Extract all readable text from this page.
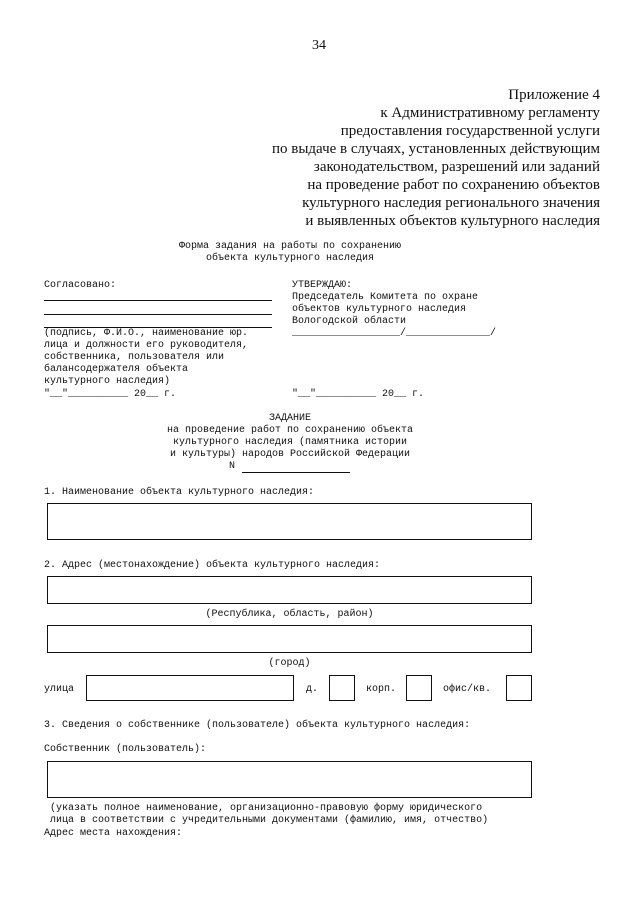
34
Приложение 4
к Административному регламенту
предоставления государственной услуги
по выдаче в случаях, установленных действующим
законодательством, разрешений или заданий
на проведение работ по сохранению объектов
культурного наследия регионального значения
и выявленных объектов культурного наследия
Форма задания на работы по сохранению
объекта культурного наследия
Согласовано:
(подпись, Ф.И.О., наименование юр.
лица и должности его руководителя,
собственника, пользователя или
балансодержателя объекта
культурного наследия)
"__"__________ 20__ г.
УТВЕРЖДАЮ:
Председатель Комитета по охране
объектов культурного наследия
Вологодской области
__________________/______________/
"__"__________ 20__ г.
ЗАДАНИЕ
на проведение работ по сохранению объекта
культурного наследия (памятника истории
и культуры) народов Российской Федерации
N
1. Наименование объекта культурного наследия:
2. Адрес (местонахождение) объекта культурного наследия:
(Республика, область, район)
(город)
улица	д.	корп.	офис/кв.
3. Сведения о собственнике (пользователе) объекта культурного наследия:
Собственник (пользователь):
(указать полное наименование, организационно-правовую форму юридического
лица в соответствии с учредительными документами (фамилию, имя, отчество)
Адрес места нахождения:
